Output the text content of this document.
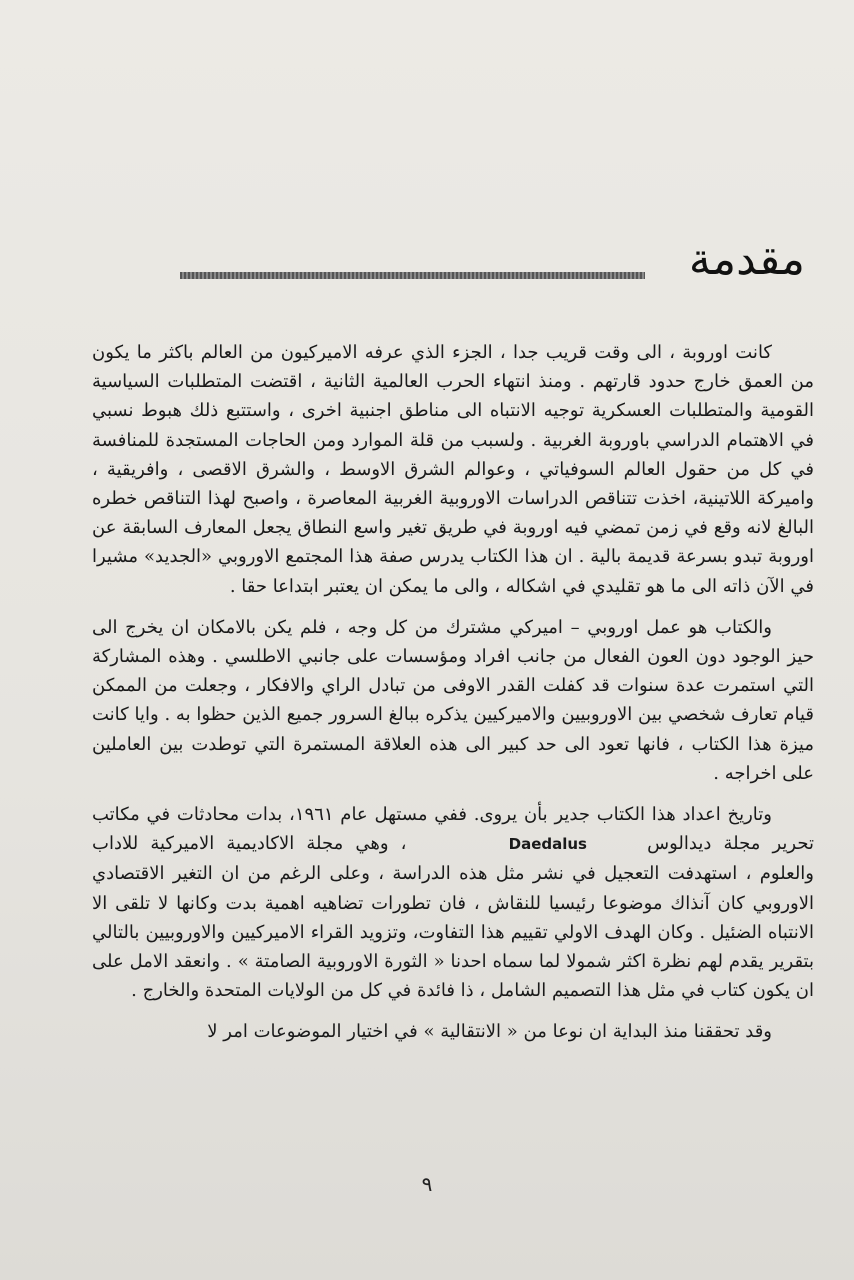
مقدمة

كانت اوروبة ، الى وقت قريب جدا ، الجزء الذي عرفه الاميركيون من العالم باكثر ما يكون من العمق خارج حدود قارتهم . ومنذ انتهاء الحرب العالمية الثانية ، اقتضت المتطلبات السياسية القومية والمتطلبات العسكرية توجيه الانتباه الى مناطق اجنبية اخرى ، واستتبع ذلك هبوط نسبي في الاهتمام الدراسي باوروبة الغربية . ولسبب من قلة الموارد ومن الحاجات المستجدة للمنافسة في كل من حقول العالم السوفياتي ، وعوالم الشرق الاوسط ، والشرق الاقصى ، وافريقية ، واميركة اللاتينية، اخذت تتناقص الدراسات الاوروبية الغربية المعاصرة ، واصبح لهذا التناقص خطره البالغ لانه وقع في زمن تمضي فيه اوروبة في طريق تغير واسع النطاق يجعل المعارف السابقة عن اوروبة تبدو بسرعة قديمة بالية . ان هذا الكتاب يدرس صفة هذا المجتمع الاوروبي «الجديد» مشيرا في الآن ذاته الى ما هو تقليدي في اشكاله ، والى ما يمكن ان يعتبر ابتداعا حقا .

والكتاب هو عمل اوروبي – اميركي مشترك من كل وجه ، فلم يكن بالامكان ان يخرج الى حيز الوجود دون العون الفعال من جانب افراد ومؤسسات على جانبي الاطلسي . وهذه المشاركة التي استمرت عدة سنوات قد كفلت القدر الاوفى من تبادل الراي والافكار ، وجعلت من الممكن قيام تعارف شخصي بين الاوروبيين والاميركيين يذكره ببالغ السرور جميع الذين حظوا به . وايا كانت ميزة هذا الكتاب ، فانها تعود الى حد كبير الى هذه العلاقة المستمرة التي توطدت بين العاملين على اخراجه .

وتاريخ اعداد هذا الكتاب جدير بأن يروى. ففي مستهل عام ١٩٦١، بدات محادثات في مكاتب تحرير مجلة ديدالوس Daedalus ، وهي مجلة الاكاديمية الاميركية للاداب والعلوم ، استهدفت التعجيل في نشر مثل هذه الدراسة ، وعلى الرغم من ان التغير الاقتصادي الاوروبي كان آنذاك موضوعا رئيسيا للنقاش ، فان تطورات تضاهيه اهمية بدت وكانها لا تلقى الا الانتباه الضئيل . وكان الهدف الاولي تقييم هذا التفاوت، وتزويد القراء الاميركيين والاوروبيين بالتالي بتقرير يقدم لهم نظرة اكثر شمولا لما سماه احدنا « الثورة الاوروبية الصامتة » . وانعقد الامل على ان يكون كتاب في مثل هذا التصميم الشامل ، ذا فائدة في كل من الولايات المتحدة والخارج .

وقد تحققنا منذ البداية ان نوعا من « الانتقالية » في اختيار الموضوعات امر لا

٩
